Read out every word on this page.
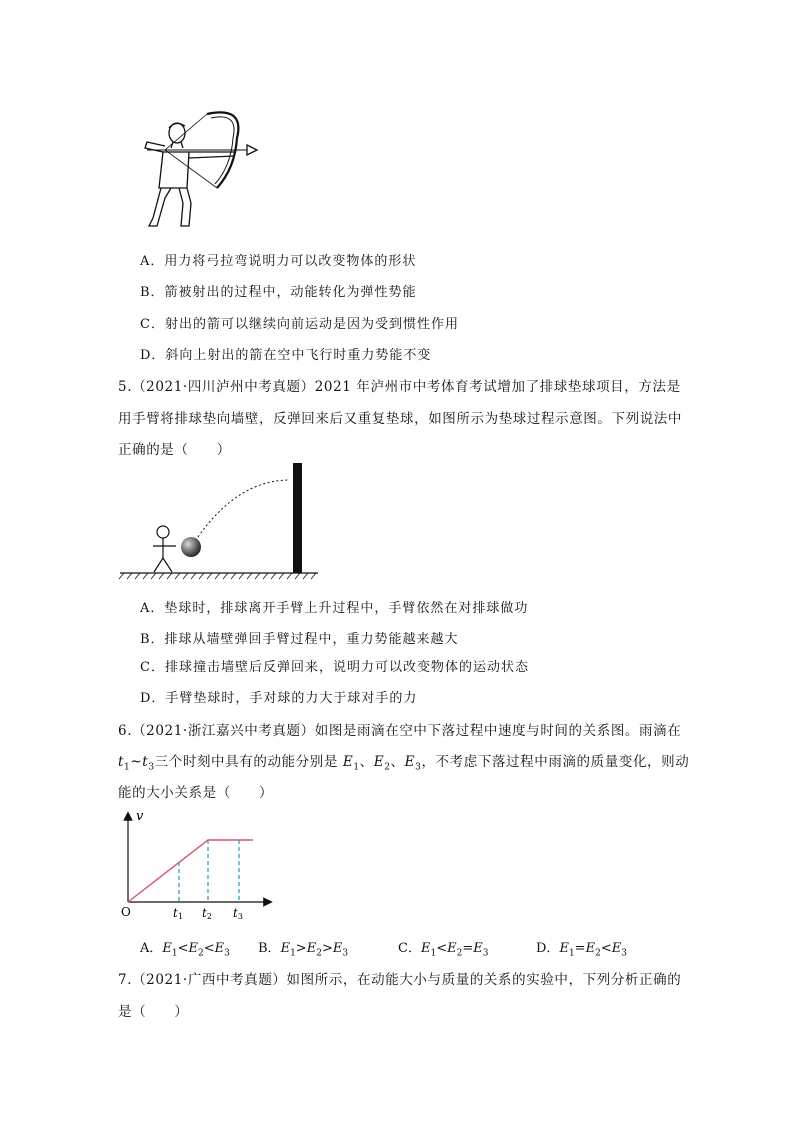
A．用力将弓拉弯说明力可以改变物体的形状
B．箭被射出的过程中，动能转化为弹性势能
C．射出的箭可以继续向前运动是因为受到惯性作用
D．斜向上射出的箭在空中飞行时重力势能不变
5.（2021·四川泸州中考真题）2021 年泸州市中考体育考试增加了排球垫球项目，方法是
用手臂将排球垫向墙壁，反弹回来后又重复垫球，如图所示为垫球过程示意图。下列说法中
正确的是（　　）
A．垫球时，排球离开手臂上升过程中，手臂依然在对排球做功
B．排球从墙壁弹回手臂过程中，重力势能越来越大
C．排球撞击墙壁后反弹回来，说明力可以改变物体的运动状态
D．手臂垫球时，手对球的力大于球对手的力
6.（2021·浙江嘉兴中考真题）如图是雨滴在空中下落过程中速度与时间的关系图。雨滴在
$t_1\sim t_3$三个时刻中具有的动能分别是 $E_1$、$E_2$、$E_3$，不考虑下落过程中雨滴的质量变化，则动
能的大小关系是（　　）
v
O	t1 t2 t3
A．$E_1<E_2<E_3$ B．$E_1>E_2>E_3$	C．$E_1<E_2=E_3$	D．$E_1=E_2<E_3$
7.（2021·广西中考真题）如图所示，在动能大小与质量的关系的实验中，下列分析正确的
是（　　）
